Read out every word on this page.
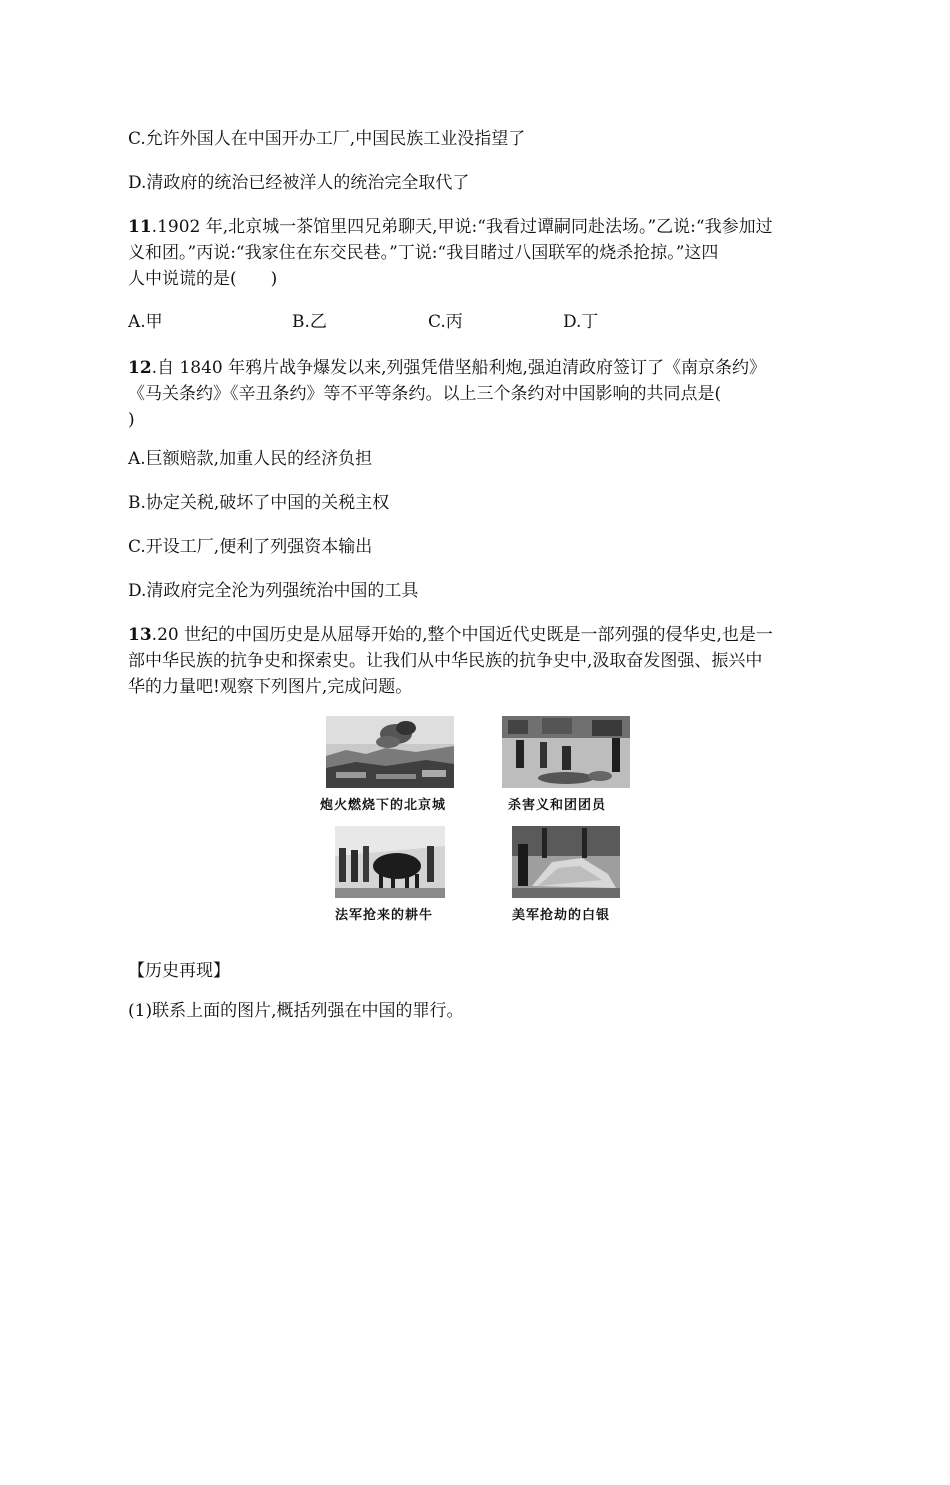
C.允许外国人在中国开办工厂,中国民族工业没指望了
D.清政府的统治已经被洋人的统治完全取代了
11.1902 年,北京城一茶馆里四兄弟聊天,甲说:“我看过谭嗣同赴法场。”乙说:“我参加过
义和团。”丙说:“我家住在东交民巷。”丁说:“我目睹过八国联军的烧杀抢掠。”这四
人中说谎的是(　　)
A.甲	B.乙	C.丙	D.丁
12.自 1840 年鸦片战争爆发以来,列强凭借坚船利炮,强迫清政府签订了《南京条约》
《马关条约》《辛丑条约》等不平等条约。以上三个条约对中国影响的共同点是(
)
A.巨额赔款,加重人民的经济负担
B.协定关税,破坏了中国的关税主权
C.开设工厂,便利了列强资本输出
D.清政府完全沦为列强统治中国的工具
13.20 世纪的中国历史是从屈辱开始的,整个中国近代史既是一部列强的侵华史,也是一
部中华民族的抗争史和探索史。让我们从中华民族的抗争史中,汲取奋发图强、振兴中
华的力量吧!观察下列图片,完成问题。
炮火燃烧下的北京城	杀害义和团团员
法军抢来的耕牛	美军抢劫的白银
【历史再现】
(1)联系上面的图片,概括列强在中国的罪行。
